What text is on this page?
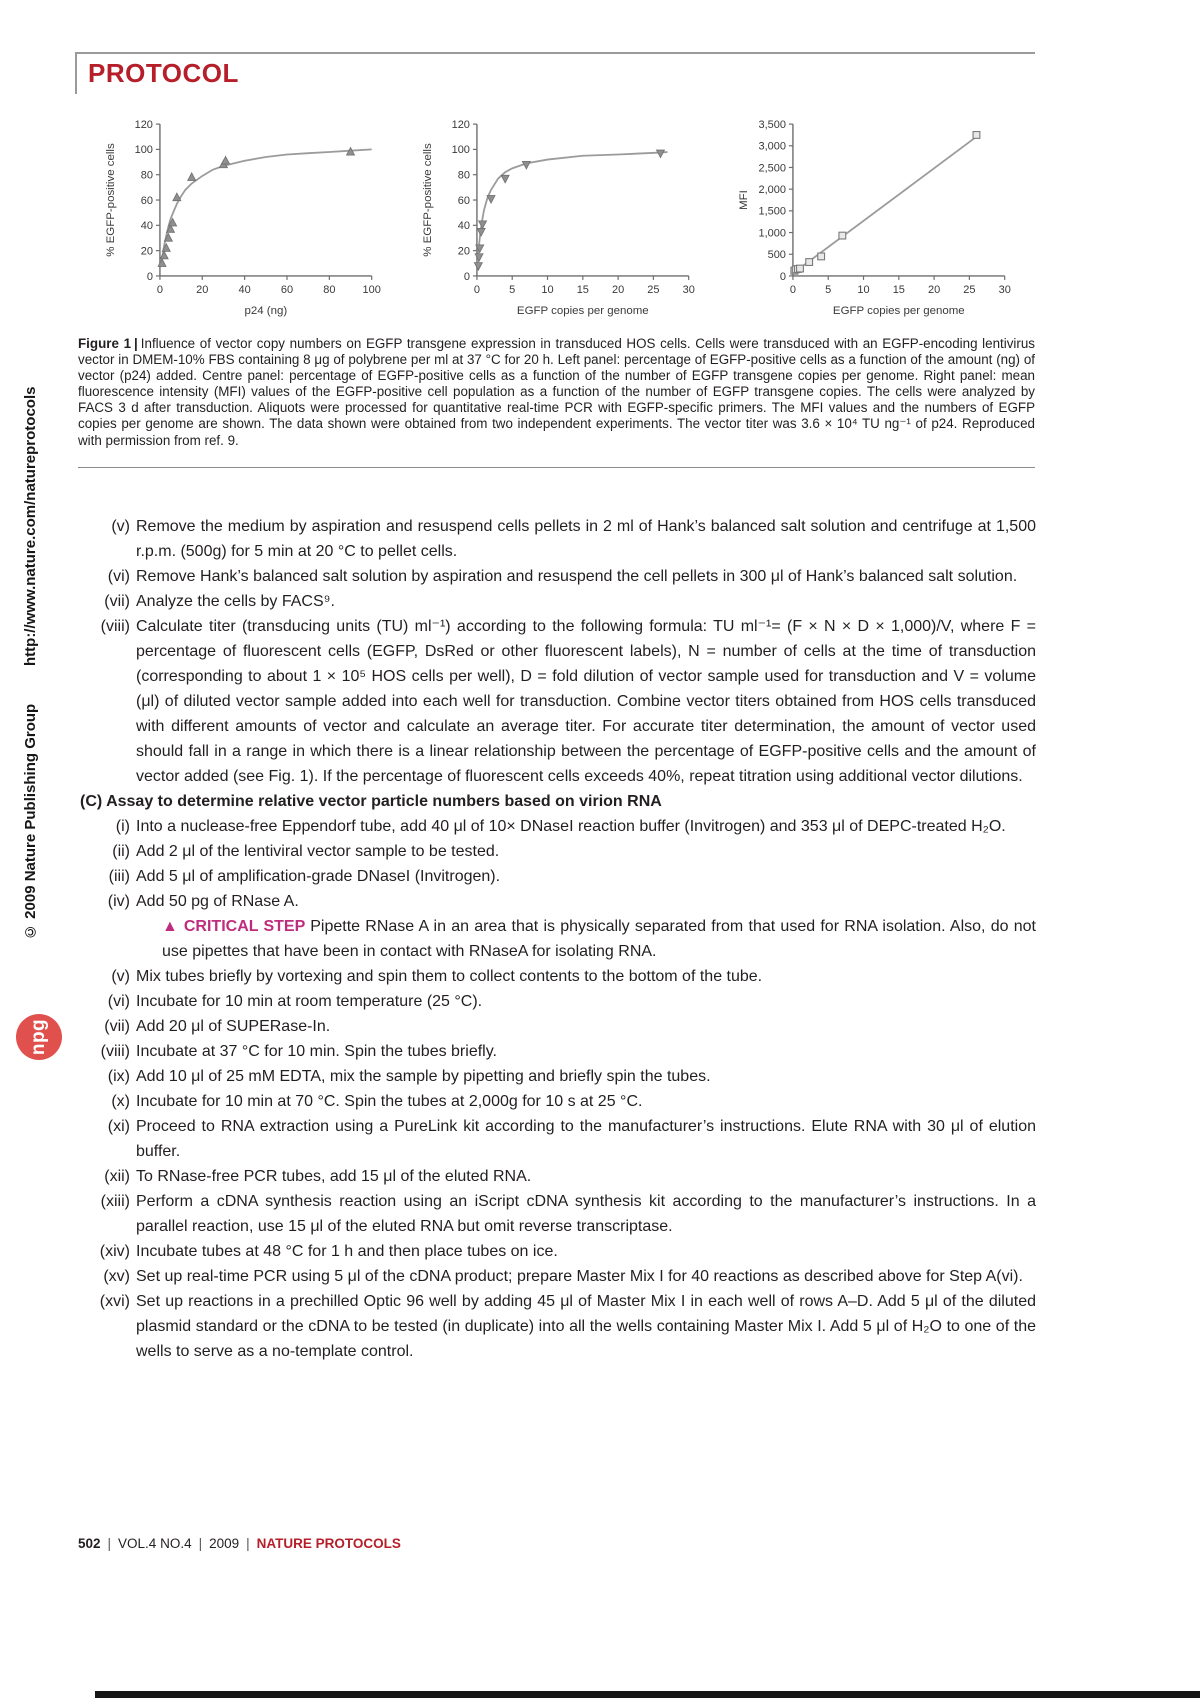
PROTOCOL
0
20
40
60
80
100
120
0	20	40	60	80 100
p24 (ng)
% EGFP-positive cells
0
20
40
60
80
100
120
0	5 10 15 20 25 30
EGFP copies per genome
% EGFP-positive cells
0
500
1,000
1,500
2,000
2,500
3,000
3,500
0	5 10 15 20 25 30
EGFP copies per genome
MFI
Figure 1 | Influence of vector copy numbers on EGFP transgene expression in transduced HOS cells. Cells were transduced with an EGFP-encoding lentivirus vector in DMEM-10% FBS containing 8 μg of polybrene per ml at 37 °C for 20 h. Left panel: percentage of EGFP-positive cells as a function of the amount (ng) of vector (p24) added. Centre panel: percentage of EGFP-positive cells as a function of the number of EGFP transgene copies per genome. Right panel: mean fluorescence intensity (MFI) values of the EGFP-positive cell population as a function of the number of EGFP transgene copies. The cells were analyzed by FACS 3 d after transduction. Aliquots were processed for quantitative real-time PCR with EGFP-specific primers. The MFI values and the numbers of EGFP copies per genome are shown. The data shown were obtained from two independent experiments. The vector titer was 3.6 × 10⁴ TU ng⁻¹ of p24. Reproduced with permission from ref. 9.
(v) Remove the medium by aspiration and resuspend cells pellets in 2 ml of Hank’s balanced salt solution and centrifuge at 1,500 r.p.m. (500g) for 5 min at 20 °C to pellet cells.
(vi) Remove Hank’s balanced salt solution by aspiration and resuspend the cell pellets in 300 μl of Hank’s balanced salt solution.
(vii) Analyze the cells by FACS⁹.
(viii) Calculate titer (transducing units (TU) ml⁻¹) according to the following formula: TU ml⁻¹= (F × N × D × 1,000)/V, where F = percentage of fluorescent cells (EGFP, DsRed or other fluorescent labels), N = number of cells at the time of transduction (corresponding to about 1 × 10⁵ HOS cells per well), D = fold dilution of vector sample used for transduction and V = volume (μl) of diluted vector sample added into each well for transduction. Combine vector titers obtained from HOS cells transduced with different amounts of vector and calculate an average titer. For accurate titer determination, the amount of vector used should fall in a range in which there is a linear relationship between the percentage of EGFP-positive cells and the amount of vector added (see Fig. 1). If the percentage of fluorescent cells exceeds 40%, repeat titration using additional vector dilutions.
(C) Assay to determine relative vector particle numbers based on virion RNA
(i) Into a nuclease-free Eppendorf tube, add 40 μl of 10× DNaseI reaction buffer (Invitrogen) and 353 μl of DEPC-treated H₂O.
(ii) Add 2 μl of the lentiviral vector sample to be tested.
(iii) Add 5 μl of amplification-grade DNaseI (Invitrogen).
(iv) Add 50 pg of RNase A.
▲ CRITICAL STEP Pipette RNase A in an area that is physically separated from that used for RNA isolation. Also, do not use pipettes that have been in contact with RNaseA for isolating RNA.
(v) Mix tubes briefly by vortexing and spin them to collect contents to the bottom of the tube.
(vi) Incubate for 10 min at room temperature (25 °C).
(vii) Add 20 μl of SUPERase-In.
(viii) Incubate at 37 °C for 10 min. Spin the tubes briefly.
(ix) Add 10 μl of 25 mM EDTA, mix the sample by pipetting and briefly spin the tubes.
(x) Incubate for 10 min at 70 °C. Spin the tubes at 2,000g for 10 s at 25 °C.
(xi) Proceed to RNA extraction using a PureLink kit according to the manufacturer’s instructions. Elute RNA with 30 μl of elution buffer.
(xii) To RNase-free PCR tubes, add 15 μl of the eluted RNA.
(xiii) Perform a cDNA synthesis reaction using an iScript cDNA synthesis kit according to the manufacturer’s instructions. In a parallel reaction, use 15 μl of the eluted RNA but omit reverse transcriptase.
(xiv) Incubate tubes at 48 °C for 1 h and then place tubes on ice.
(xv) Set up real-time PCR using 5 μl of the cDNA product; prepare Master Mix I for 40 reactions as described above for Step A(vi).
(xvi) Set up reactions in a prechilled Optic 96 well by adding 45 μl of Master Mix I in each well of rows A–D. Add 5 μl of the diluted plasmid standard or the cDNA to be tested (in duplicate) into all the wells containing Master Mix I. Add 5 μl of H₂O to one of the wells to serve as a no-template control.
502 | VOL.4 NO.4 | 2009 | NATURE PROTOCOLS
© 2009 Nature Publishing Group
http://www.nature.com/natureprotocols
npg
